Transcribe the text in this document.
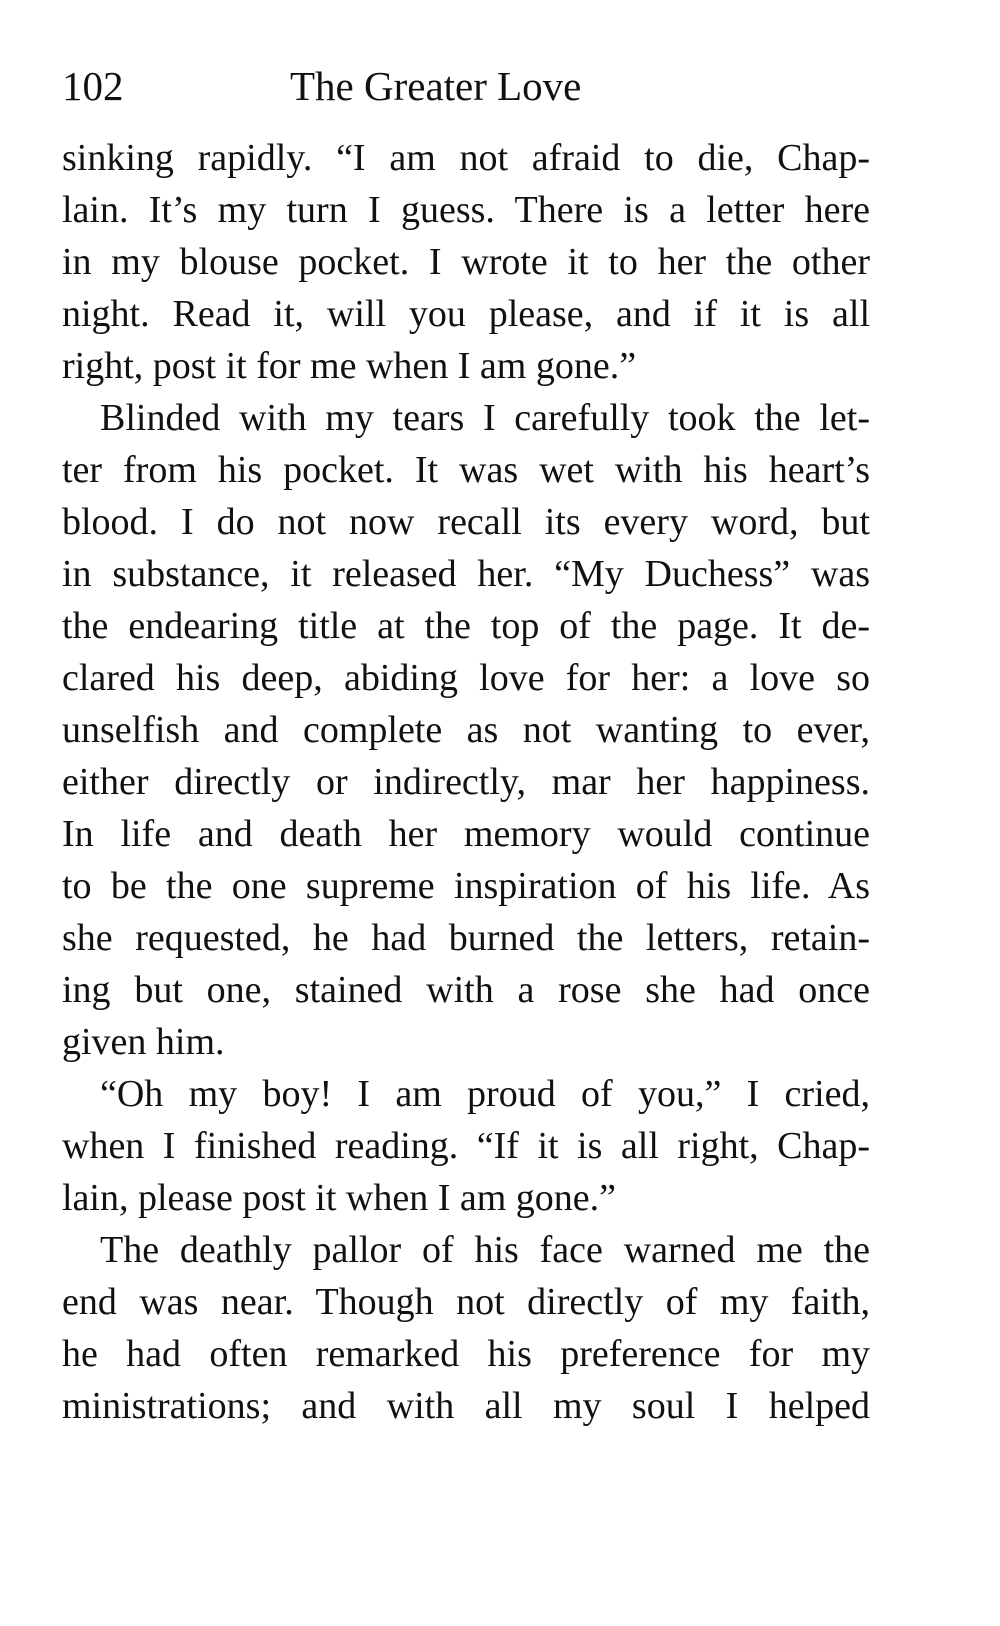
102	The Greater Love
sinking rapidly. “I am not afraid to die, Chap-
lain. It’s my turn I guess. There is a letter here
in my blouse pocket. I wrote it to her the other
night. Read it, will you please, and if it is all
right, post it for me when I am gone.”
Blinded with my tears I carefully took the let-
ter from his pocket. It was wet with his heart’s
blood. I do not now recall its every word, but
in substance, it released her. “My Duchess” was
the endearing title at the top of the page. It de-
clared his deep, abiding love for her: a love so
unselfish and complete as not wanting to ever,
either directly or indirectly, mar her happiness.
In life and death her memory would continue
to be the one supreme inspiration of his life. As
she requested, he had burned the letters, retain-
ing but one, stained with a rose she had once
given him.
“Oh my boy! I am proud of you,” I cried,
when I finished reading. “If it is all right, Chap-
lain, please post it when I am gone.”
The deathly pallor of his face warned me the
end was near. Though not directly of my faith,
he had often remarked his preference for my
ministrations; and with all my soul I helped
